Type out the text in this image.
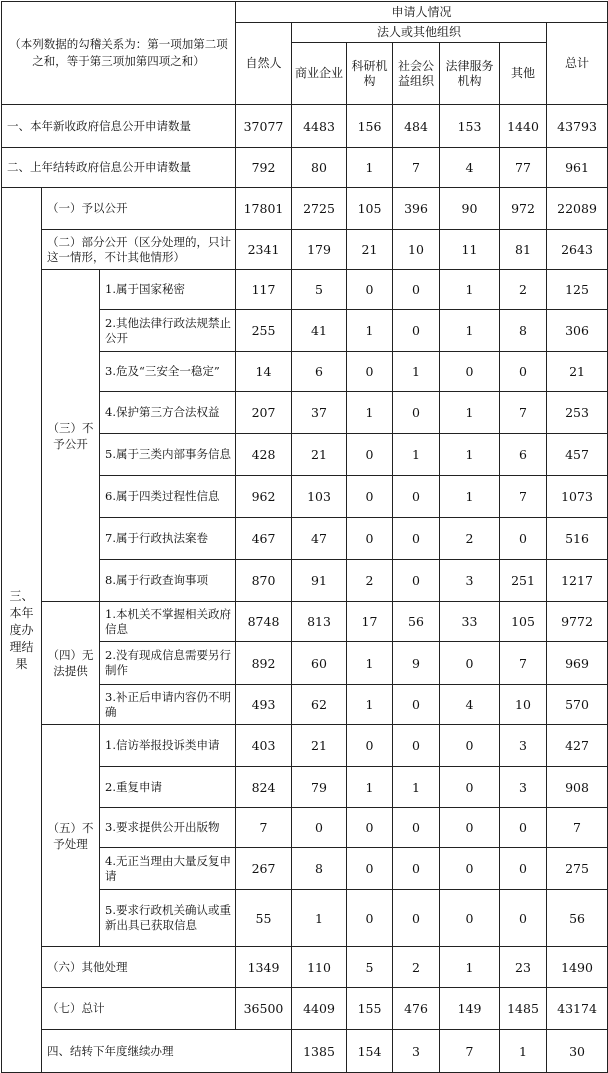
（本列数据的勾稽关系为：第一项加第二项之和，等于第三项加第四项之和）			申请人情况							
			自然人	法人或其他组织					总计	
				商业企业	科研机构	社会公益组织	法律服务机构	其他		
一、本年新收政府信息公开申请数量			37077	4483	156	484	153	1440	43793	
二、上年结转政府信息公开申请数量			792	80	1	7	4	77	961	
三、本年度办理结果	（一）予以公开		17801	2725	105	396	90	972	22089	
	（二）部分公开（区分处理的，只计这一情形，不计其他情形）		2341	179	21	10	11	81	2643	
	（三）不予公开	1.属于国家秘密	117	5	0	0	1	2	125	
		2.其他法律行政法规禁止公开	255	41	1	0	1	8	306	
		3.危及“三安全一稳定”	14	6	0	1	0	0	21	
		4.保护第三方合法权益	207	37	1	0	1	7	253	
		5.属于三类内部事务信息	428	21	0	1	1	6	457	
		6.属于四类过程性信息	962	103	0	0	1	7	1073	
		7.属于行政执法案卷	467	47	0	0	2	0	516	
		8.属于行政查询事项	870	91	2	0	3	251	1217	
	（四）无法提供	1.本机关不掌握相关政府信息	8748	813	17	56	33	105	9772	
		2.没有现成信息需要另行制作	892	60	1	9	0	7	969	
		3.补正后申请内容仍不明确	493	62	1	0	4	10	570	
	（五）不予处理	1.信访举报投诉类申请	403	21	0	0	0	3	427	
		2.重复申请	824	79	1	1	0	3	908	
		3.要求提供公开出版物	7	0	0	0	0	0	7	
		4.无正当理由大量反复申请	267	8	0	0	0	0	275	
		5.要求行政机关确认或重新出具已获取信息	55	1	0	0	0	0	56	
	（六）其他处理		1349	110	5	2	1	23	1490	
	（七）总计		36500	4409	155	476	149	1485	43174	
	四、结转下年度继续办理			1385	154	3	7	1	30	
